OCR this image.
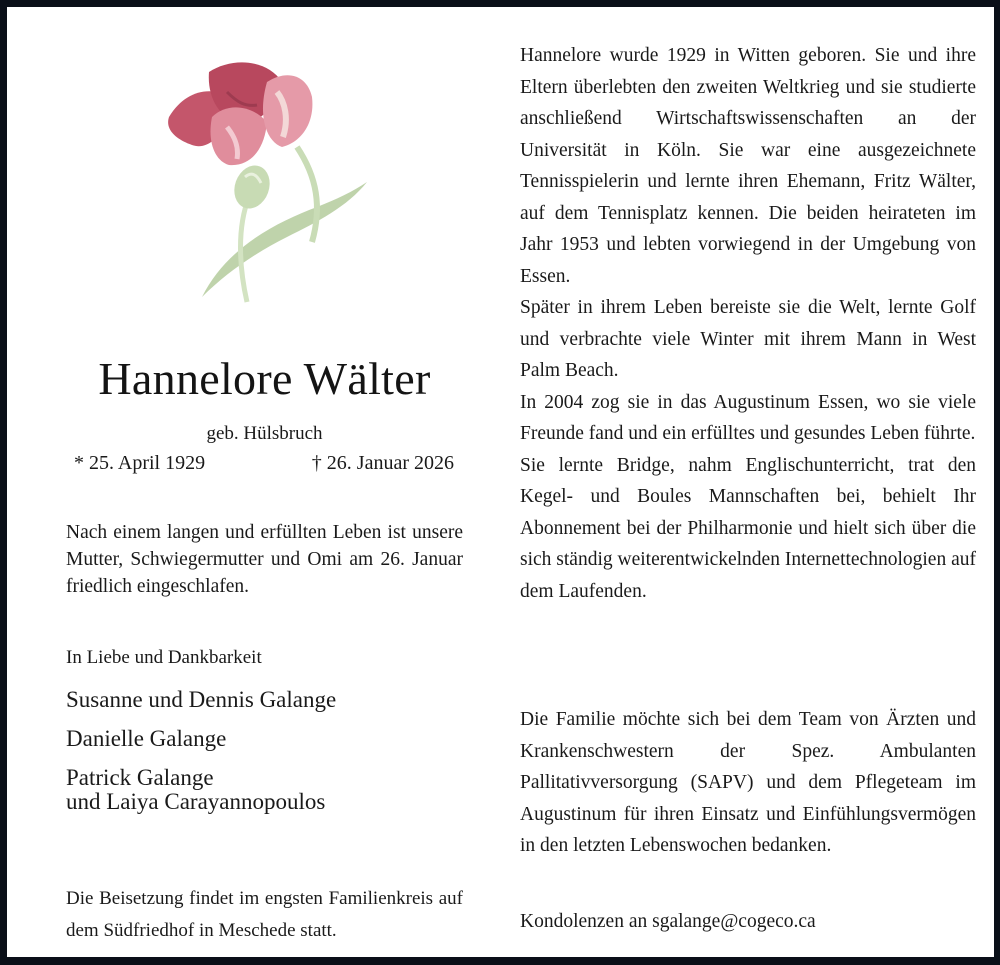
Hannelore Wälter
geb. Hülsbruch
* 25. April 1929	† 26. Januar 2026
Nach einem langen und erfüllten Leben ist unsere Mutter, Schwiegermutter und Omi am 26. Januar friedlich eingeschlafen.
In Liebe und Dankbarkeit
Susanne und Dennis Galange
Danielle Galange
Patrick Galange
und Laiya Carayannopoulos
Die Beisetzung findet im engsten Familienkreis auf dem Südfriedhof in Meschede statt.

Hannelore wurde 1929 in Witten geboren. Sie und ihre Eltern überlebten den zweiten Weltkrieg und sie studierte anschließend Wirtschaftswissenschaften an der Universität in Köln. Sie war eine ausgezeichnete Tennisspielerin und lernte ihren Ehemann, Fritz Wälter, auf dem Tennisplatz kennen. Die beiden heirateten im Jahr 1953 und lebten vorwiegend in der Umgebung von Essen.

Später in ihrem Leben bereiste sie die Welt, lernte Golf und verbrachte viele Winter mit ihrem Mann in West Palm Beach.

In 2004 zog sie in das Augustinum Essen, wo sie viele Freunde fand und ein erfülltes und gesundes Leben führte.

Sie lernte Bridge, nahm Englischunterricht, trat den Kegel- und Boules Mannschaften bei, behielt Ihr Abonnement bei der Philharmonie und hielt sich über die sich ständig weiterentwickelnden Internettechnologien auf dem Laufenden.

Die Familie möchte sich bei dem Team von Ärzten und Krankenschwestern der Spez. Ambulanten Pallitativversorgung (SAPV) und dem Pflegeteam im Augustinum für ihren Einsatz und Einfühlungsvermögen in den letzten Lebenswochen bedanken.
Kondolenzen an sgalange@cogeco.ca
